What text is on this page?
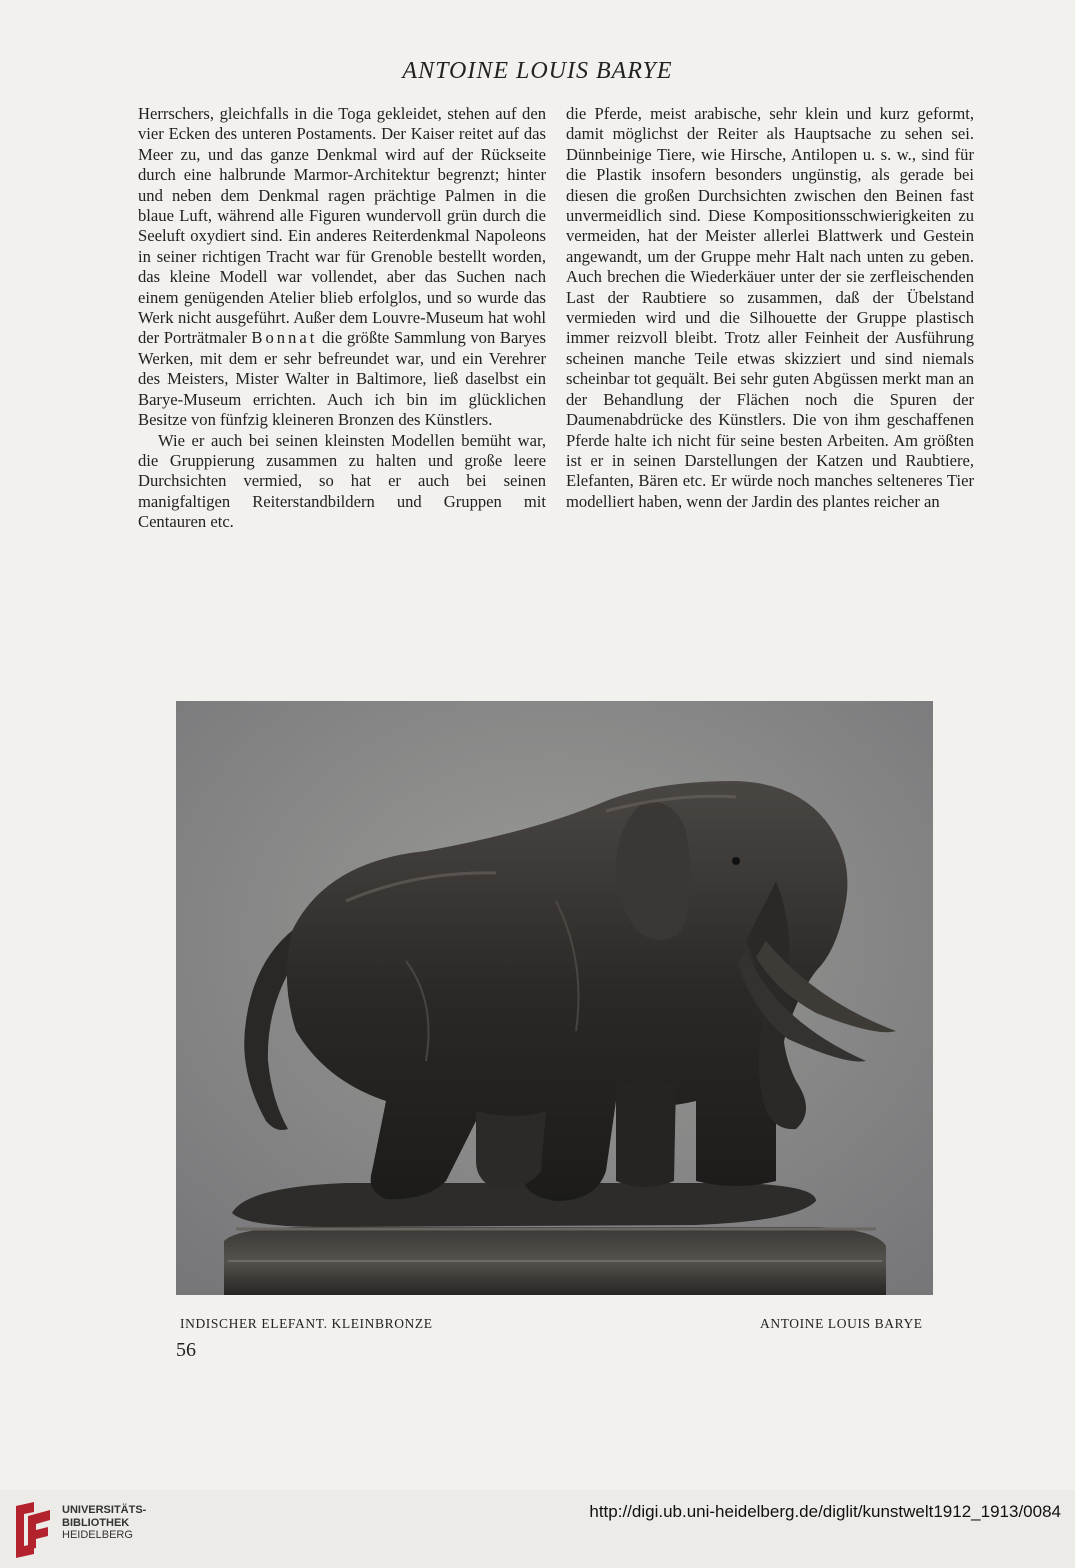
ANTOINE LOUIS BARYE

Herrschers, gleichfalls in die Toga gekleidet, stehen auf den vier Ecken des unteren Postaments. Der Kaiser reitet auf das Meer zu, und das ganze Denkmal wird auf der Rückseite durch eine halbrunde Marmor-Architektur begrenzt; hinter und neben dem Denkmal ragen prächtige Palmen in die blaue Luft, während alle Figuren wundervoll grün durch die Seeluft oxydiert sind. Ein anderes Reiterdenkmal Napoleons in seiner richtigen Tracht war für Grenoble bestellt worden, das kleine Modell war vollendet, aber das Suchen nach einem genügenden Atelier blieb erfolglos, und so wurde das Werk nicht ausgeführt. Außer dem Louvre-Museum hat wohl der Porträtmaler Bonnat die größte Sammlung von Baryes Werken, mit dem er sehr befreundet war, und ein Verehrer des Meisters, Mister Walter in Baltimore, ließ daselbst ein Barye-Museum errichten. Auch ich bin im glücklichen Besitze von fünfzig kleineren Bronzen des Künstlers.

Wie er auch bei seinen kleinsten Modellen bemüht war, die Gruppierung zusammen zu halten und große leere Durchsichten vermied, so hat er auch bei seinen manigfaltigen Reiterstandbildern und Gruppen mit Centauren etc.

die Pferde, meist arabische, sehr klein und kurz geformt, damit möglichst der Reiter als Hauptsache zu sehen sei. Dünnbeinige Tiere, wie Hirsche, Antilopen u. s. w., sind für die Plastik insofern besonders ungünstig, als gerade bei diesen die großen Durchsichten zwischen den Beinen fast unvermeidlich sind. Diese Kompositionsschwierigkeiten zu vermeiden, hat der Meister allerlei Blattwerk und Gestein angewandt, um der Gruppe mehr Halt nach unten zu geben. Auch brechen die Wiederkäuer unter der sie zerfleischenden Last der Raubtiere so zusammen, daß der Übelstand vermieden wird und die Silhouette der Gruppe plastisch immer reizvoll bleibt. Trotz aller Feinheit der Ausführung scheinen manche Teile etwas skizziert und sind niemals scheinbar tot gequält. Bei sehr guten Abgüssen merkt man an der Behandlung der Flächen noch die Spuren der Daumenabdrücke des Künstlers. Die von ihm geschaffenen Pferde halte ich nicht für seine besten Arbeiten. Am größten ist er in seinen Darstellungen der Katzen und Raubtiere, Elefanten, Bären etc. Er würde noch manches selteneres Tier modelliert haben, wenn der Jardin des plantes reicher an

INDISCHER ELEFANT. KLEINBRONZE	ANTOINE LOUIS BARYE
56
UNIVERSITÄTS-
BIBLIOTHEK
HEIDELBERG
http://digi.ub.uni-heidelberg.de/diglit/kunstwelt1912_1913/0084
